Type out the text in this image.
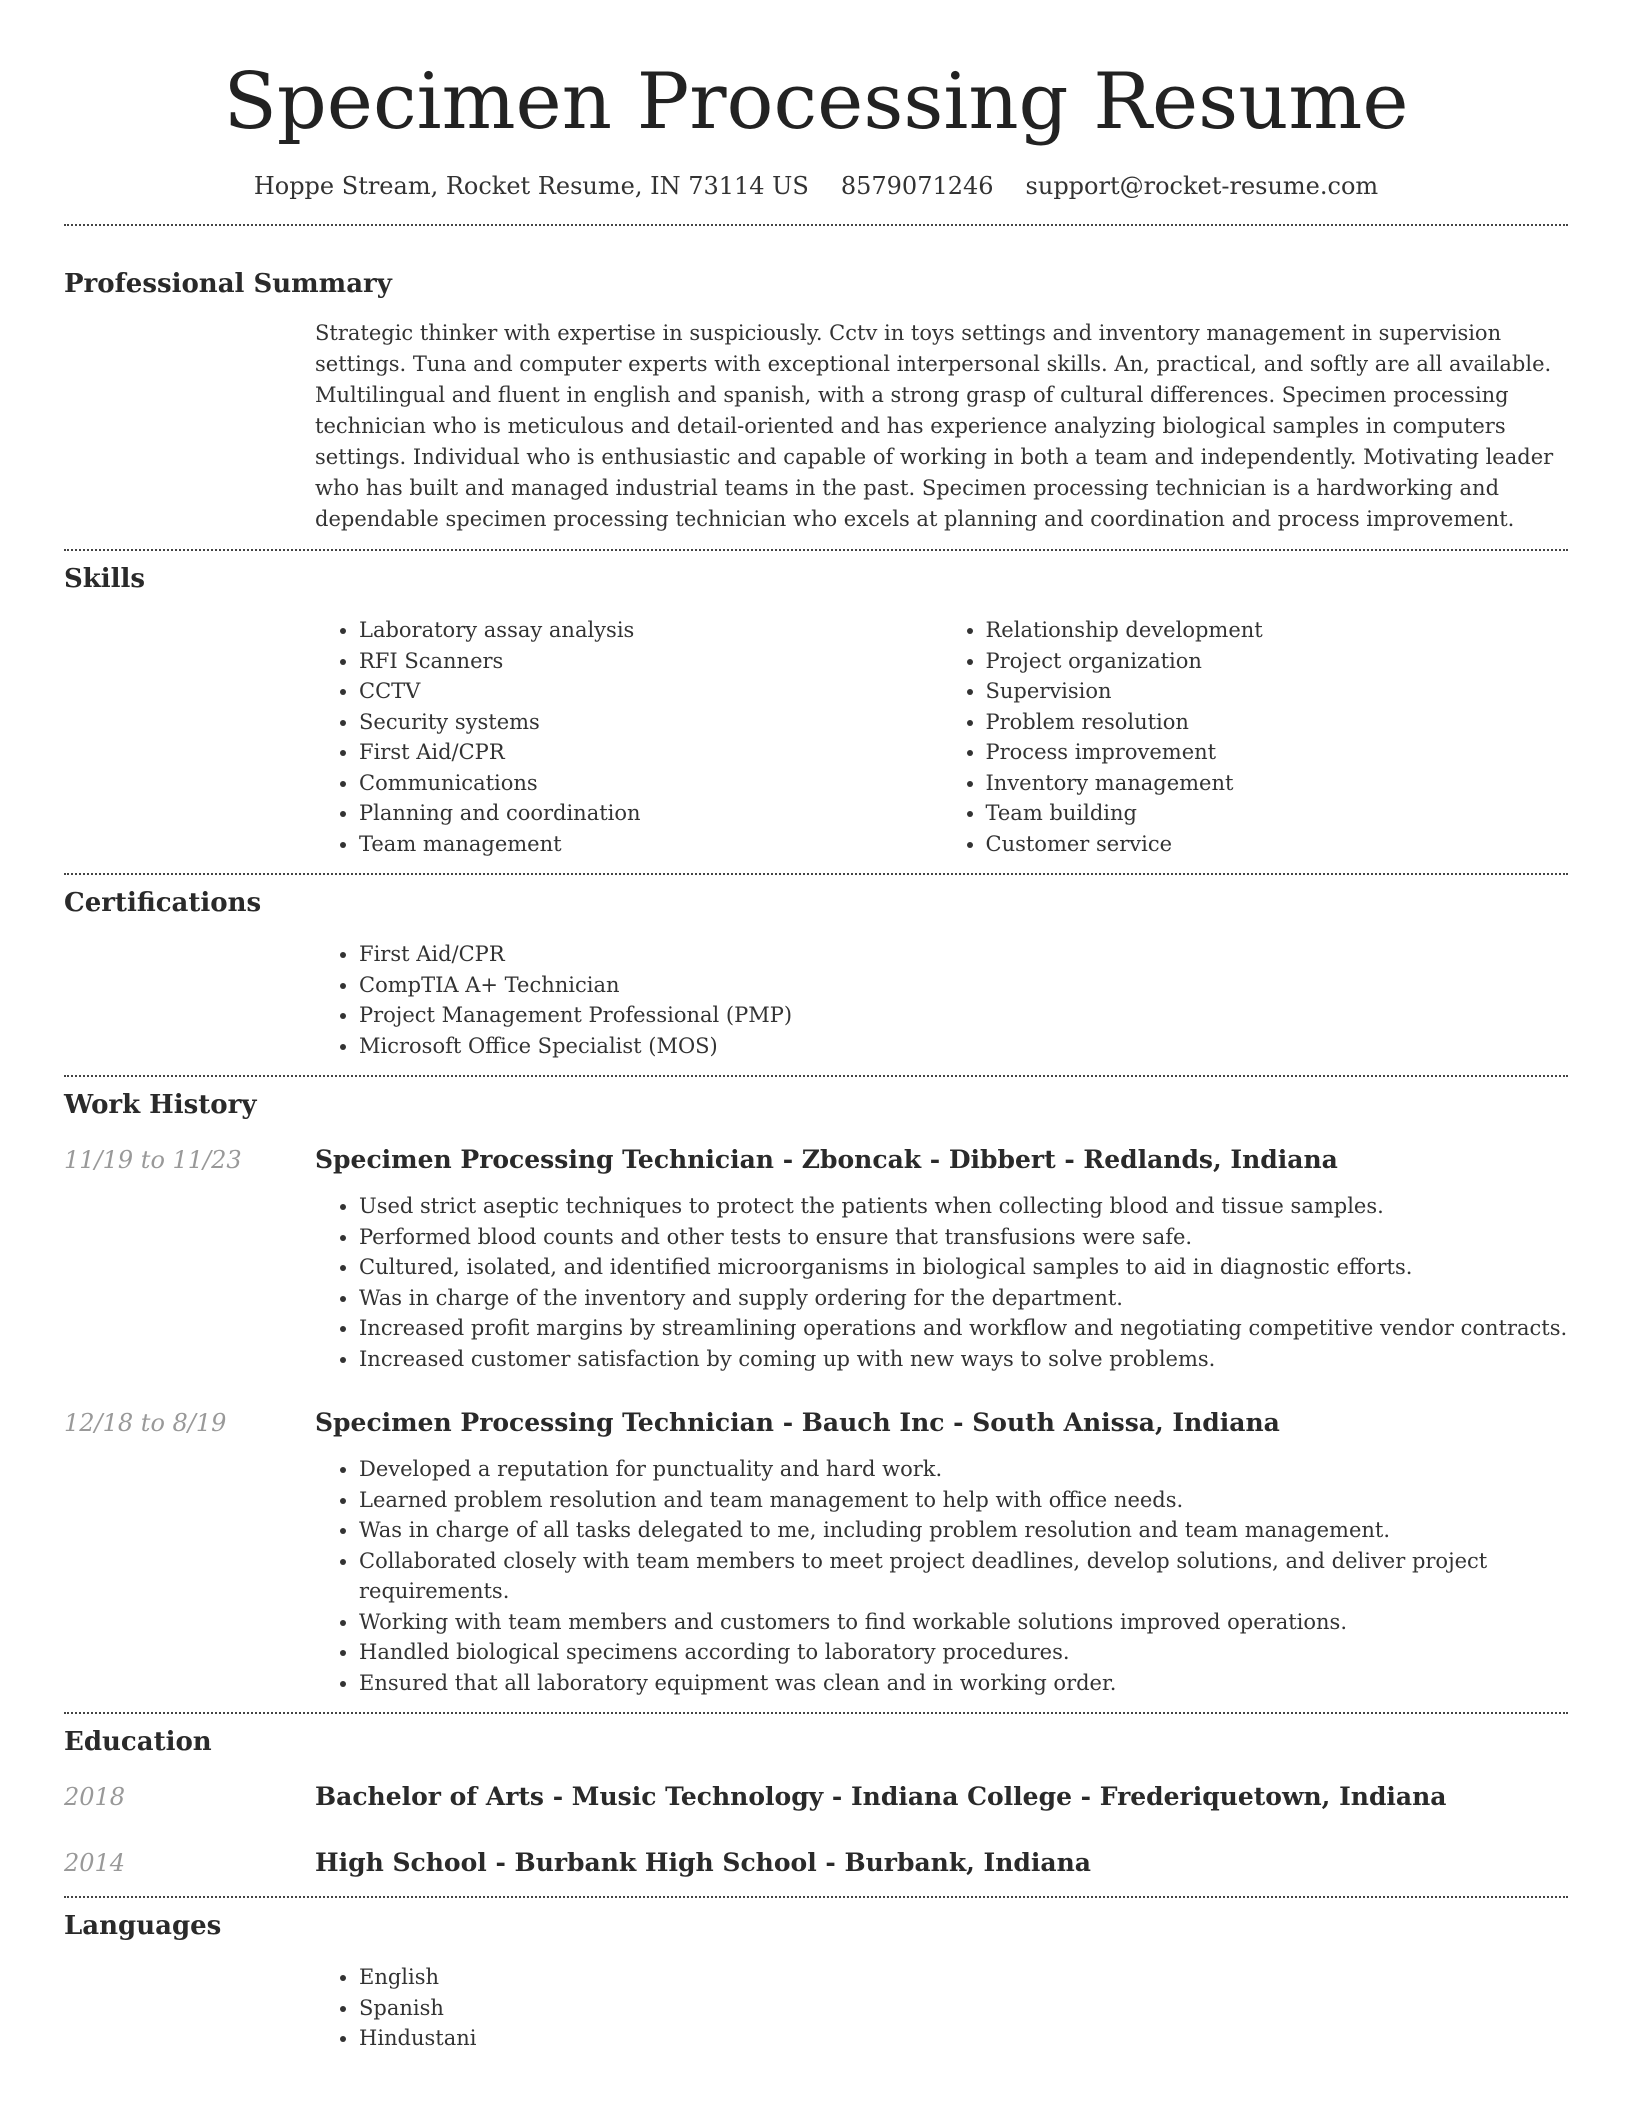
Specimen Processing Resume
Hoppe Stream, Rocket Resume, IN 73114 US 8579071246 support@rocket-resume.com
Professional Summary

Strategic thinker with expertise in suspiciously. Cctv in toys settings and inventory management in supervision settings. Tuna and computer experts with exceptional interpersonal skills. An, practical, and softly are all available. Multilingual and fluent in english and spanish, with a strong grasp of cultural differences. Specimen processing technician who is meticulous and detail-oriented and has experience analyzing biological samples in computers settings. Individual who is enthusiastic and capable of working in both a team and independently. Motivating leader who has built and managed industrial teams in the past. Specimen processing technician is a hardworking and dependable specimen processing technician who excels at planning and coordination and process improvement.

Skills
• Laboratory assay analysis
• RFI Scanners
• CCTV
• Security systems
• First Aid/CPR
• Communications
• Planning and coordination
• Team management
• Relationship development
• Project organization
• Supervision
• Problem resolution
• Process improvement
• Inventory management
• Team building
• Customer service
Certifications
• First Aid/CPR
• CompTIA A+ Technician
• Project Management Professional (PMP)
• Microsoft Office Specialist (MOS)
Work History
11/19 to 11/23	Specimen Processing Technician - Zboncak - Dibbert - Redlands, Indiana
• Used strict aseptic techniques to protect the patients when collecting blood and tissue samples.
• Performed blood counts and other tests to ensure that transfusions were safe.
• Cultured, isolated, and identified microorganisms in biological samples to aid in diagnostic efforts.
• Was in charge of the inventory and supply ordering for the department.
• Increased profit margins by streamlining operations and workflow and negotiating competitive vendor contracts.
• Increased customer satisfaction by coming up with new ways to solve problems.
12/18 to 8/19	Specimen Processing Technician - Bauch Inc - South Anissa, Indiana
• Developed a reputation for punctuality and hard work.
• Learned problem resolution and team management to help with office needs.
• Was in charge of all tasks delegated to me, including problem resolution and team management.
• Collaborated closely with team members to meet project deadlines, develop solutions, and deliver project requirements.
• Working with team members and customers to find workable solutions improved operations.
• Handled biological specimens according to laboratory procedures.
• Ensured that all laboratory equipment was clean and in working order.
Education
2018	Bachelor of Arts - Music Technology - Indiana College - Frederiquetown, Indiana
2014	High School - Burbank High School - Burbank, Indiana
Languages
• English
• Spanish
• Hindustani
